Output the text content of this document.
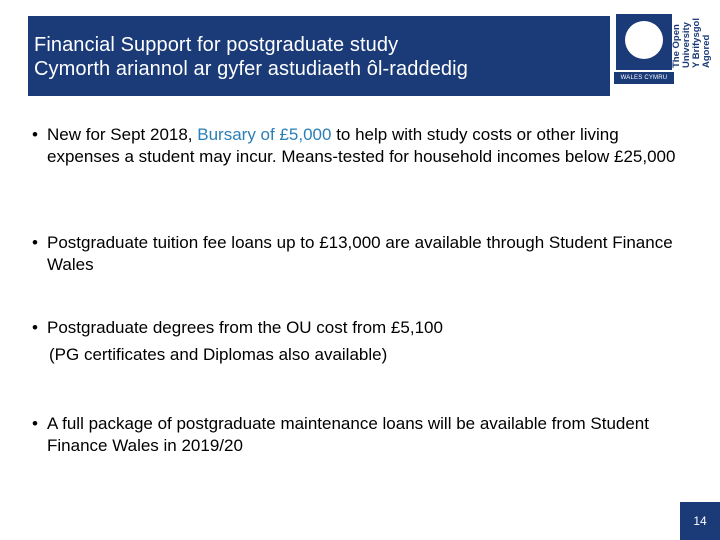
Financial Support for postgraduate study
Cymorth ariannol ar gyfer astudiaeth ôl-raddedig
The Open University Y Brifysgol Agored
WALES CYMRU
• New for Sept 2018, Bursary of £5,000 to help with study costs or other living expenses a student may incur. Means-tested for household incomes below £25,000
• Postgraduate tuition fee loans up to £13,000 are available through Student Finance Wales
• Postgraduate degrees from the OU cost from £5,100
(PG certificates and Diplomas also available)
• A full package of postgraduate maintenance loans will be available from Student Finance Wales in 2019/20
14
